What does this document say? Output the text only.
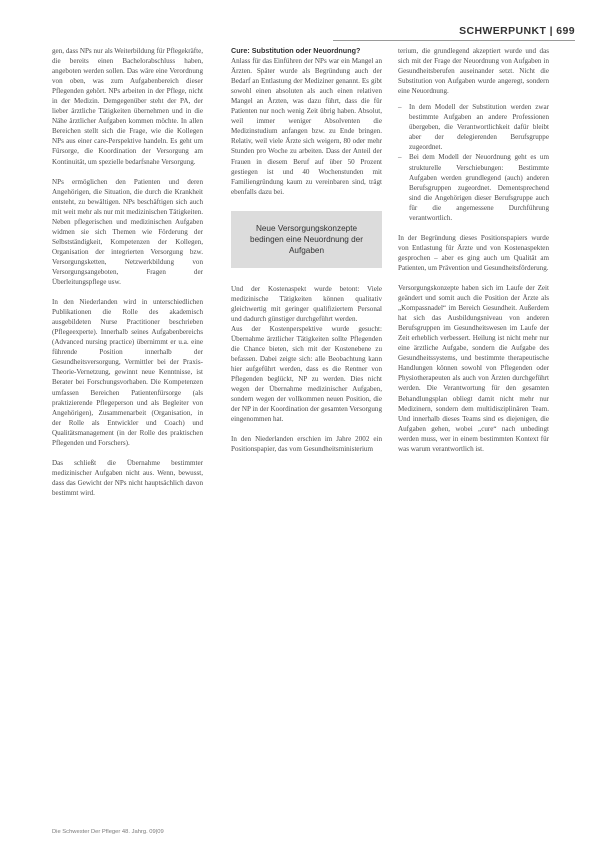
SCHWERPUNKT | 699

gen, dass NPs nur als Weiterbildung für Pflegekräfte, die bereits einen Bachelorabschluss haben, angeboten werden sollen. Das wäre eine Verordnung von oben, was zum Aufgabenbereich dieser Pflegenden gehört. NPs arbeiten in der Pflege, nicht in der Medizin. Demgegenüber steht der PA, der lieber ärztliche Tätigkeiten übernehmen und in die Nähe ärztlicher Aufgaben kommen möchte. In allen Bereichen stellt sich die Frage, wie die Kollegen NPs aus einer care-Perspektive handeln. Es geht um Fürsorge, die Koordination der Versorgung am Kontinuität, um spezielle bedarfsnahe Versorgung.

NPs ermöglichen den Patienten und deren Angehörigen, die Situation, die durch die Krankheit entsteht, zu bewältigen. NPs beschäftigen sich auch mit weit mehr als nur mit medizinischen Tätigkeiten. Neben pflegerischen und medizinischen Aufgaben widmen sie sich Themen wie Förderung der Selbstständigkeit, Kompetenzen der Kollegen, Organisation der integrierten Versorgung bzw. Versorgungsketten, Netzwerkbildung von Versorgungsangeboten, Fragen der Überleitungspflege usw.

In den Niederlanden wird in unterschiedlichen Publikationen die Rolle des akademisch ausgebildeten Nurse Practitioner beschrieben (Pflegeexperte). Innerhalb seines Aufgabenbereichs (Advanced nursing practice) übernimmt er u.a. eine führende Position innerhalb der Gesundheitsversorgung, Vermittler bei der Praxis-Theorie-Vernetzung, gewinnt neue Kenntnisse, ist Berater bei Forschungsvorhaben. Die Kompetenzen umfassen Bereichen Patientenfürsorge (als praktizierende Pflegeperson und als Begleiter von Angehörigen), Zusammenarbeit (Organisation, in der Rolle als Entwickler und Coach) und Qualitätsmanagement (in der Rolle des praktischen Pflegenden und Forschers).

Das schließt die Übernahme bestimmter medizinischer Aufgaben nicht aus. Wenn, bewusst, dass das Gewicht der NPs nicht hauptsächlich davon bestimmt wird.

Cure: Substitution oder Neuordnung?

Anlass für das Einführen der NPs war ein Mangel an Ärzten. Später wurde als Begründung auch der Bedarf an Entlastung der Mediziner genannt. Es gibt sowohl einen absoluten als auch einen relativen Mangel an Ärzten, was dazu führt, dass die für Patienten nur noch wenig Zeit übrig haben. Absolut, weil immer weniger Absolventen die Medizinstudium anfangen bzw. zu Ende bringen. Relativ, weil viele Ärzte sich weigern, 80 oder mehr Stunden pro Woche zu arbeiten. Dass der Anteil der Frauen in diesem Beruf auf über 50 Prozent gestiegen ist und 40 Wochenstunden mit Familiengründung kaum zu vereinbaren sind, trägt ebenfalls dazu bei.

Neue Versorgungskonzepte bedingen eine Neuordnung der Aufgaben

Und der Kostenaspekt wurde betont: Viele medizinische Tätigkeiten können qualitativ gleichwertig mit geringer qualifiziertem Personal und dadurch günstiger durchgeführt werden.

Aus der Kostenperspektive wurde gesucht: Übernahme ärztlicher Tätigkeiten sollte Pflegenden die Chance bieten, sich mit der Kostenebene zu befassen. Dabei zeigte sich: alle Beobachtung kann hier aufgeführt werden, dass es die Rentner von Pflegenden beglückt, NP zu werden. Dies nicht wegen der Übernahme medizinischer Aufgaben, sondern wegen der vollkommen neuen Position, die der NP in der Koordination der gesamten Versorgung eingenommen hat.

In den Niederlanden erschien im Jahre 2002 ein Positionspapier, das vom Gesundheitsministerium

terium, die grundlegend akzeptiert wurde und das sich mit der Frage der Neuordnung von Aufgaben in Gesundheitsberufen auseinander setzt. Nicht die Substitution von Aufgaben wurde angeregt, sondern eine Neuordnung.

– In dem Modell der Substitution werden zwar bestimmte Aufgaben an andere Professionen übergeben, die Verantwortlichkeit dafür bleibt aber der delegierenden Berufsgruppe zugeordnet.
– Bei dem Modell der Neuordnung geht es um strukturelle Verschiebungen: Bestimmte Aufgaben werden grundlegend (auch) anderen Berufsgruppen zugeordnet. Dementsprechend sind die Angehörigen dieser Berufsgruppe auch für die angemessene Durchführung verantwortlich.

In der Begründung dieses Positionspapiers wurde von Entlastung für Ärzte und von Kostenaspekten gesprochen – aber es ging auch um Qualität am Patienten, um Prävention und Gesundheitsförderung.

Versorgungskonzepte haben sich im Laufe der Zeit geändert und somit auch die Position der Ärzte als „Kompassnadel“ im Bereich Gesundheit. Außerdem hat sich das Ausbildungsniveau von anderen Berufsgruppen im Gesundheitswesen im Laufe der Zeit erheblich verbessert. Heilung ist nicht mehr nur eine ärztliche Aufgabe, sondern die Aufgabe des Gesundheitssystems, und bestimmte therapeutische Handlungen können sowohl von Pflegenden oder Physiotherapeuten als auch von Ärzten durchgeführt werden. Die Verantwortung für den gesamten Behandlungsplan obliegt damit nicht mehr nur Medizinern, sondern dem multidisziplinären Team. Und innerhalb dieses Teams sind es diejenigen, die Aufgaben gehen, wobei „cure“ nach unbedingt werden muss, wer in einem bestimmten Kontext für was warum verantwortlich ist.

Die Schwester Der Pfleger 48. Jahrg. 09|09
